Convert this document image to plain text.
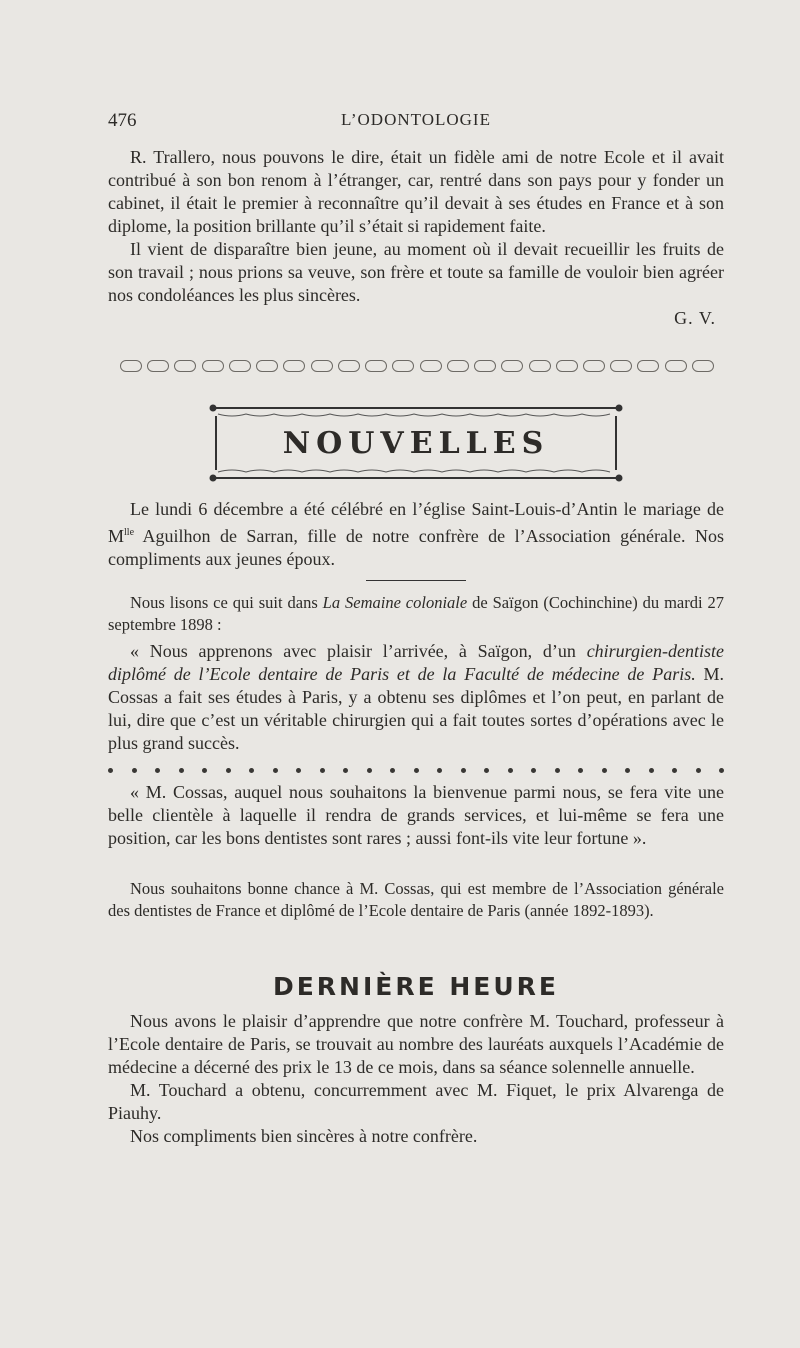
476	L’ODONTOLOGIE

R. Trallero, nous pouvons le dire, était un fidèle ami de notre Ecole et il avait contribué à son bon renom à l’étranger, car, rentré dans son pays pour y fonder un cabinet, il était le premier à reconnaître qu’il devait à ses études en France et à son diplome, la position brillante qu’il s’était si rapidement faite.

Il vient de disparaître bien jeune, au moment où il devait recueillir les fruits de son travail ; nous prions sa veuve, son frère et toute sa famille de vouloir bien agréer nos condoléances les plus sincères.

G. V.

NOUVELLES

Le lundi 6 décembre a été célébré en l’église Saint-Louis-d’Antin le mariage de $M^{lle}$ Aguilhon de Sarran, fille de notre confrère de l’Association générale. Nos compliments aux jeunes époux.

Nous lisons ce qui suit dans La Semaine coloniale de Saïgon (Cochinchine) du mardi 27 septembre 1898 :

« Nous apprenons avec plaisir l’arrivée, à Saïgon, d’un chirurgien-dentiste diplômé de l’Ecole dentaire de Paris et de la Faculté de médecine de Paris. M. Cossas a fait ses études à Paris, y a obtenu ses diplômes et l’on peut, en parlant de lui, dire que c’est un véritable chirurgien qui a fait toutes sortes d’opérations avec le plus grand succès.

« M. Cossas, auquel nous souhaitons la bienvenue parmi nous, se fera vite une belle clientèle à laquelle il rendra de grands services, et lui-même se fera une position, car les bons dentistes sont rares ; aussi font-ils vite leur fortune ».

Nous souhaitons bonne chance à M. Cossas, qui est membre de l’Association générale des dentistes de France et diplômé de l’Ecole dentaire de Paris (année 1892-1893).

DERNIÈRE HEURE

Nous avons le plaisir d’apprendre que notre confrère M. Touchard, professeur à l’Ecole dentaire de Paris, se trouvait au nombre des lauréats auxquels l’Académie de médecine a décerné des prix le 13 de ce mois, dans sa séance solennelle annuelle.

M. Touchard a obtenu, concurremment avec M. Fiquet, le prix Alvarenga de Piauhy.

Nos compliments bien sincères à notre confrère.
